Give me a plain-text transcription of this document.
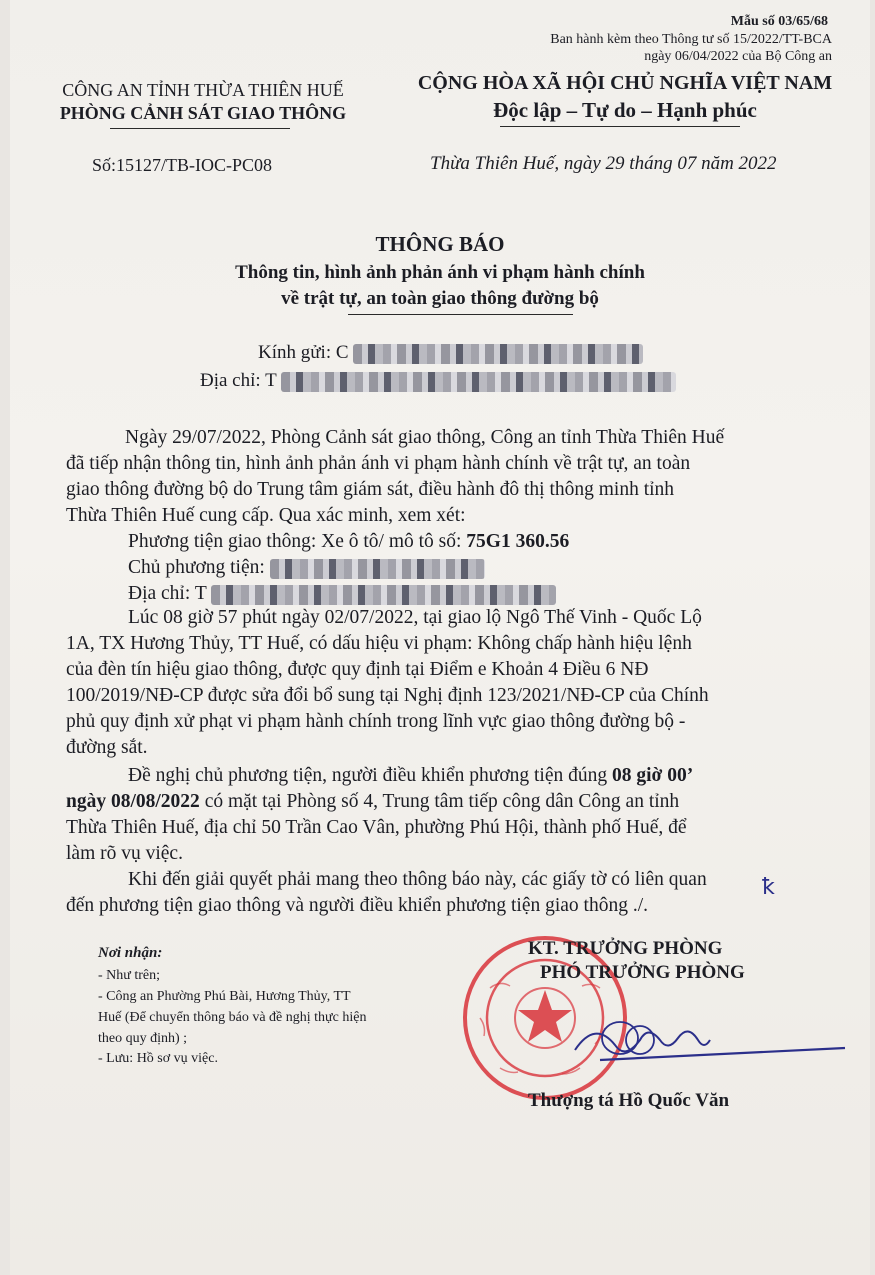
Mẫu số 03/65/68
Ban hành kèm theo Thông tư số 15/2022/TT-BCA
ngày 06/04/2022 của Bộ Công an
CÔNG AN TỈNH THỪA THIÊN HUẾ
PHÒNG CẢNH SÁT GIAO THÔNG
CỘNG HÒA XÃ HỘI CHỦ NGHĨA VIỆT NAM
Độc lập – Tự do – Hạnh phúc
Số:15127/TB-IOC-PC08	Thừa Thiên Huế, ngày 29 tháng 07 năm 2022
THÔNG BÁO
Thông tin, hình ảnh phản ánh vi phạm hành chính
về trật tự, an toàn giao thông đường bộ
Kính gửi: C
Địa chỉ: T
Ngày 29/07/2022, Phòng Cảnh sát giao thông, Công an tỉnh Thừa Thiên Huế
đã tiếp nhận thông tin, hình ảnh phản ánh vi phạm hành chính về trật tự, an toàn
giao thông đường bộ do Trung tâm giám sát, điều hành đô thị thông minh tỉnh
Thừa Thiên Huế cung cấp. Qua xác minh, xem xét:
Phương tiện giao thông: Xe ô tô/ mô tô số: 75G1 360.56
Chủ phương tiện:
Địa chỉ: T
Lúc 08 giờ 57 phút ngày 02/07/2022, tại giao lộ Ngô Thế Vinh - Quốc Lộ
1A, TX Hương Thủy, TT Huế, có dấu hiệu vi phạm: Không chấp hành hiệu lệnh
của đèn tín hiệu giao thông, được quy định tại Điểm e Khoản 4 Điều 6 NĐ
100/2019/NĐ-CP được sửa đổi bổ sung tại Nghị định 123/2021/NĐ-CP của Chính
phủ quy định xử phạt vi phạm hành chính trong lĩnh vực giao thông đường bộ -
đường sắt.
Đề nghị chủ phương tiện, người điều khiển phương tiện đúng 08 giờ 00’
ngày 08/08/2022 có mặt tại Phòng số 4, Trung tâm tiếp công dân Công an tỉnh
Thừa Thiên Huế, địa chỉ 50 Trần Cao Vân, phường Phú Hội, thành phố Huế, để
làm rõ vụ việc.
Khi đến giải quyết phải mang theo thông báo này, các giấy tờ có liên quan
đến phương tiện giao thông và người điều khiển phương tiện giao thông ./.
ꝁ
Nơi nhận:
- Như trên;
- Công an Phường Phú Bài, Hương Thủy, TT
Huế (Để chuyển thông báo và đề nghị thực hiện
theo quy định) ;
- Lưu: Hồ sơ vụ việc.
KT. TRƯỞNG PHÒNG
PHÓ TRƯỞNG PHÒNG
Thượng tá Hồ Quốc Văn
